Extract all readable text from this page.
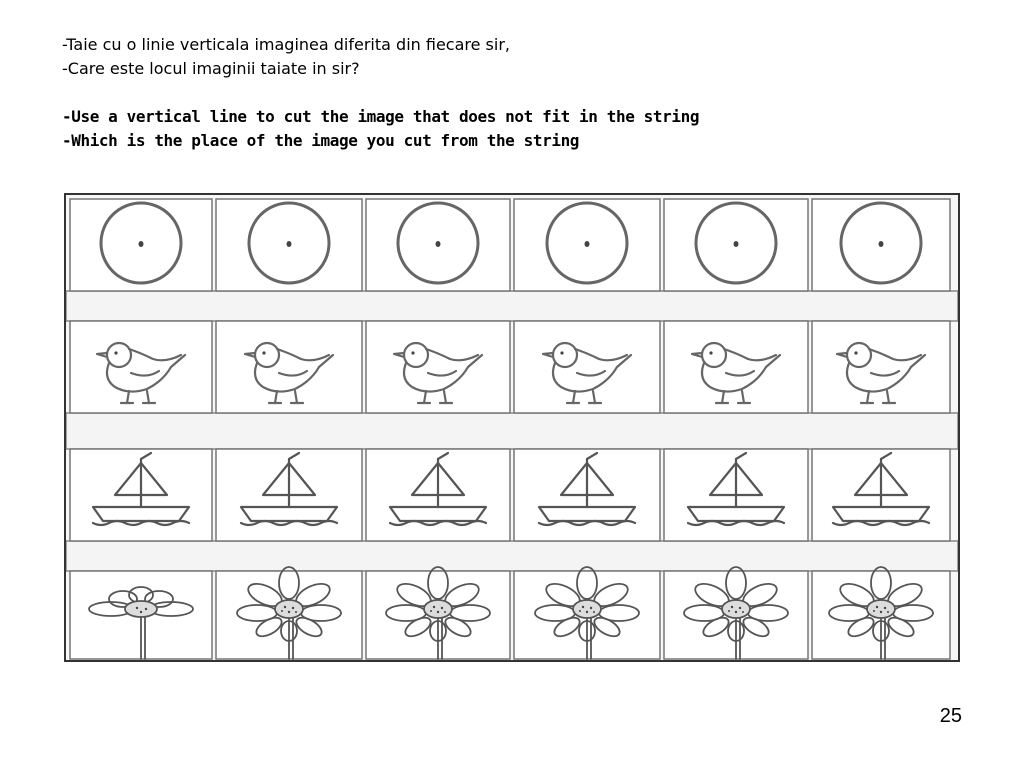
-Taie cu o linie verticala imaginea diferita din fiecare sir,
-Care este locul imaginii taiate in sir?
-Use a vertical line to cut the image that does not fit in the string
-Which is the place of the image you cut from the string
25
